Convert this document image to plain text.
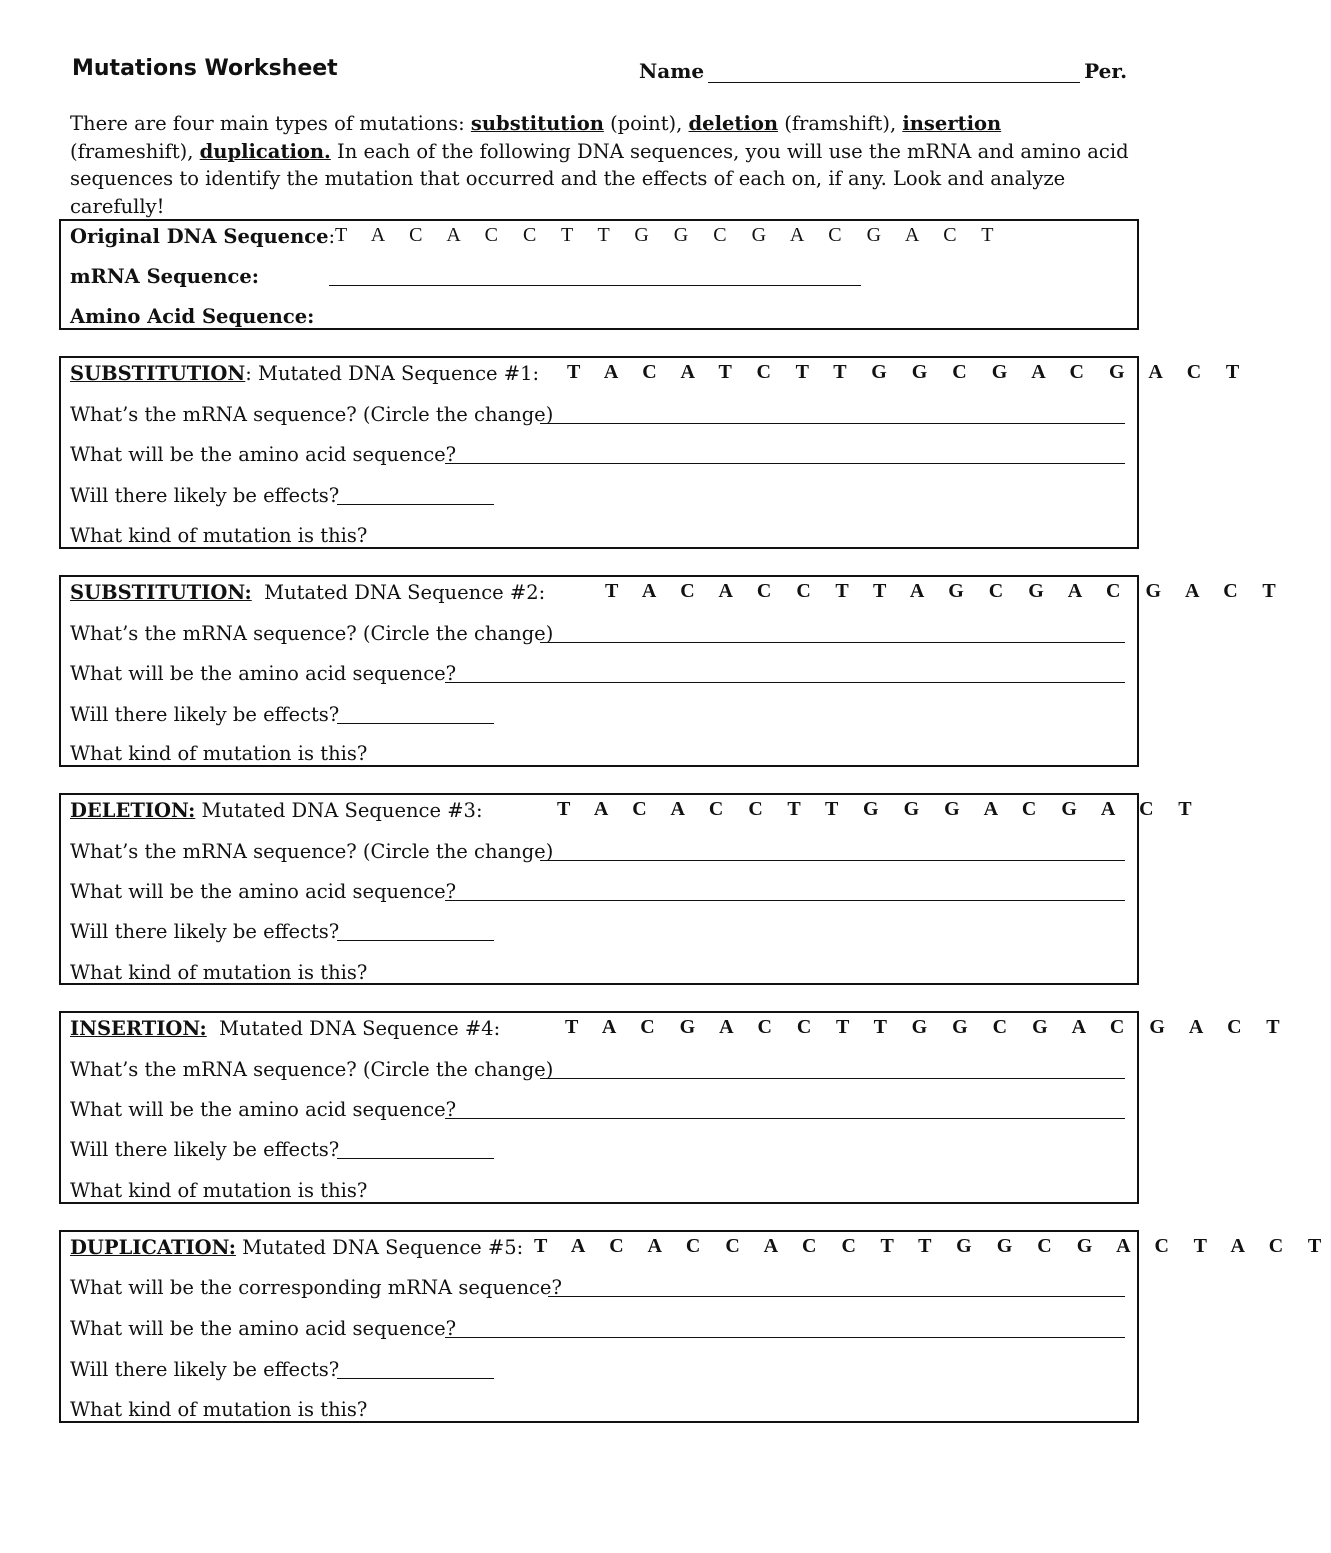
Mutations Worksheet	Name	Per.
There are four main types of mutations: substitution (point), deletion (framshift), insertion (frameshift), duplication. In each of the following DNA sequences, you will use the mRNA and amino acid sequences to identify the mutation that occurred and the effects of each on, if any. Look and analyze carefully!
Original DNA Sequence: T A C A C C T T G G C G A C G A C T
mRNA Sequence:
Amino Acid Sequence:
SUBSTITUTION: Mutated DNA Sequence #1: T A C A T C T T G G C G A C G A C T
What’s the mRNA sequence? (Circle the change)
What will be the amino acid sequence?
Will there likely be effects?
What kind of mutation is this?
SUBSTITUTION:  Mutated DNA Sequence #2:	T A C A C C T T A G C G A C G A C T
What’s the mRNA sequence? (Circle the change)
What will be the amino acid sequence?
Will there likely be effects?
What kind of mutation is this?
DELETION: Mutated DNA Sequence #3:	T A C A C C T T G G G A C G A C T
What’s the mRNA sequence? (Circle the change)
What will be the amino acid sequence?
Will there likely be effects?
What kind of mutation is this?
INSERTION:  Mutated DNA Sequence #4:	T A C G A C C T T G G C G A C G A C T
What’s the mRNA sequence? (Circle the change)
What will be the amino acid sequence?
Will there likely be effects?
What kind of mutation is this?
DUPLICATION: Mutated DNA Sequence #5: T A C A C C A C C T T G G C G A C T A C T
What will be the corresponding mRNA sequence?
What will be the amino acid sequence?
Will there likely be effects?
What kind of mutation is this?
